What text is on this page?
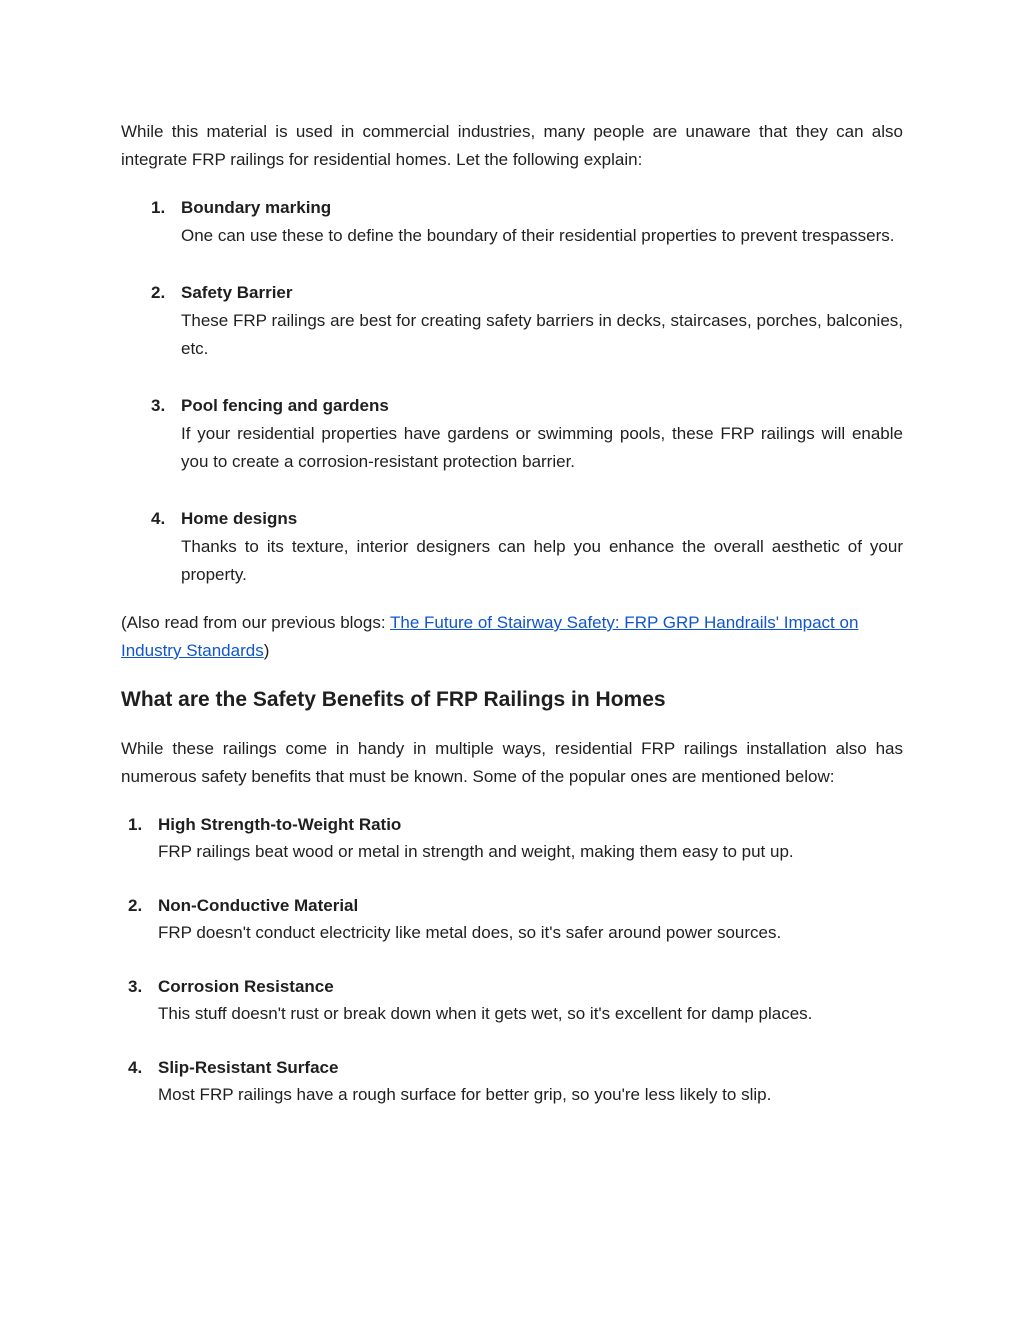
While this material is used in commercial industries, many people are unaware that they can also integrate FRP railings for residential homes. Let the following explain:

1. Boundary marking

One can use these to define the boundary of their residential properties to prevent trespassers.

2. Safety Barrier

These FRP railings are best for creating safety barriers in decks, staircases, porches, balconies, etc.

3. Pool fencing and gardens

If your residential properties have gardens or swimming pools, these FRP railings will enable you to create a corrosion-resistant protection barrier.

4. Home designs

Thanks to its texture, interior designers can help you enhance the overall aesthetic of your property.

(Also read from our previous blogs: The Future of Stairway Safety: FRP GRP Handrails' Impact on Industry Standards)

What are the Safety Benefits of FRP Railings in Homes

While these railings come in handy in multiple ways, residential FRP railings installation also has numerous safety benefits that must be known. Some of the popular ones are mentioned below:

1. High Strength-to-Weight Ratio

FRP railings beat wood or metal in strength and weight, making them easy to put up.

2. Non-Conductive Material

FRP doesn't conduct electricity like metal does, so it's safer around power sources.

3. Corrosion Resistance

This stuff doesn't rust or break down when it gets wet, so it's excellent for damp places.

4. Slip-Resistant Surface

Most FRP railings have a rough surface for better grip, so you're less likely to slip.
